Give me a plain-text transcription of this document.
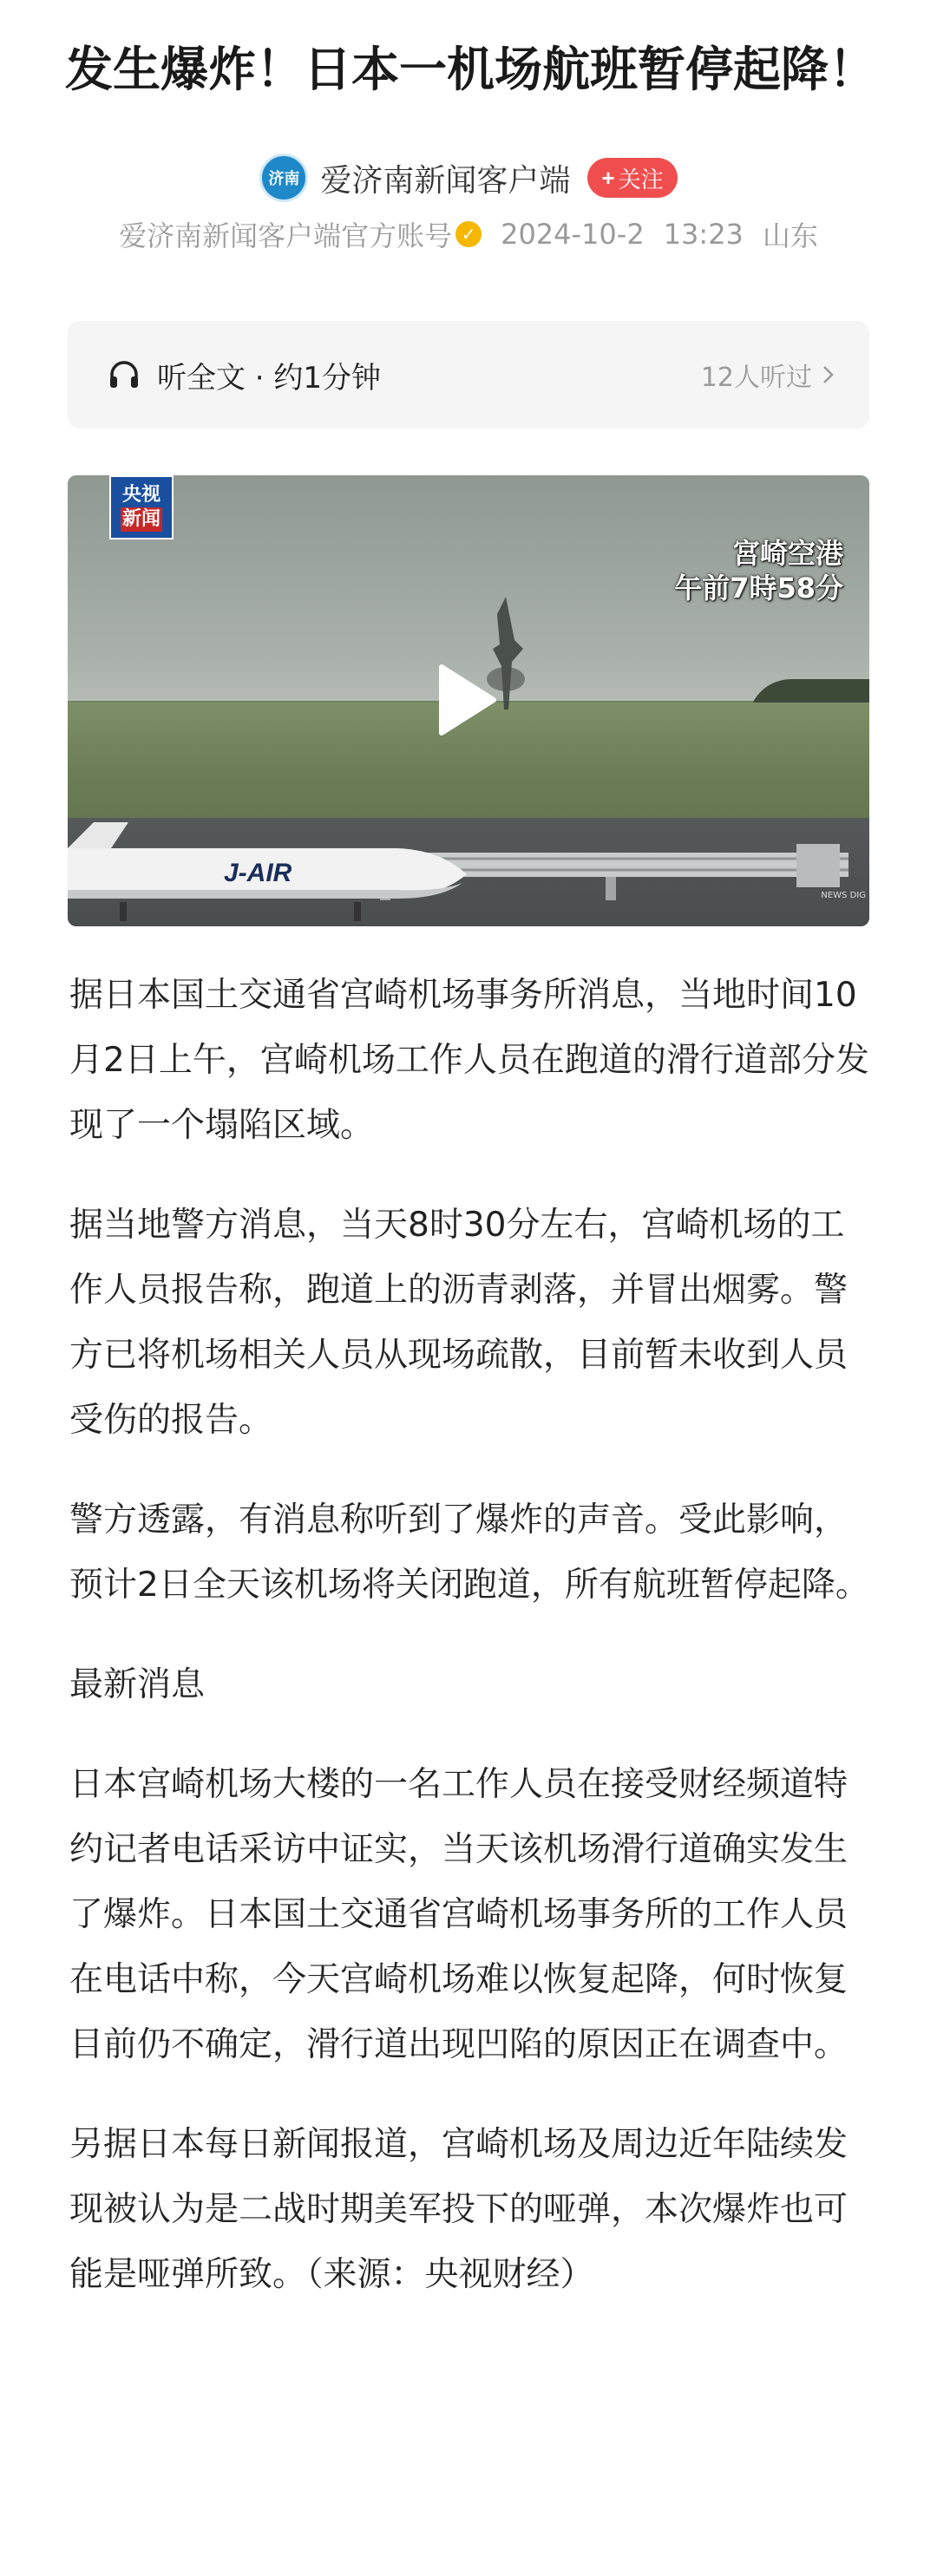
发生爆炸！日本一机场航班暂停起降！
济南 爱济南新闻客户端 + 关注
爱济南新闻客户端官方账号 ✓ 2024-10-2 13:23 山东
听全文 · 约1分钟	12人听过
J-AIR
央视
新闻
宮崎空港
午前7時58分
NEWS DIG

据日本国土交通省宫崎机场事务所消息，当地时间10月2日上午，宫崎机场工作人员在跑道的滑行道部分发现了一个塌陷区域。

据当地警方消息，当天8时30分左右，宫崎机场的工作人员报告称，跑道上的沥青剥落，并冒出烟雾。警方已将机场相关人员从现场疏散，目前暂未收到人员受伤的报告。

警方透露，有消息称听到了爆炸的声音。受此影响，预计2日全天该机场将关闭跑道，所有航班暂停起降。

最新消息

日本宫崎机场大楼的一名工作人员在接受财经频道特约记者电话采访中证实，当天该机场滑行道确实发生了爆炸。日本国土交通省宫崎机场事务所的工作人员在电话中称，今天宫崎机场难以恢复起降，何时恢复目前仍不确定，滑行道出现凹陷的原因正在调查中。

另据日本每日新闻报道，宫崎机场及周边近年陆续发现被认为是二战时期美军投下的哑弹，本次爆炸也可能是哑弹所致。（来源：央视财经）
